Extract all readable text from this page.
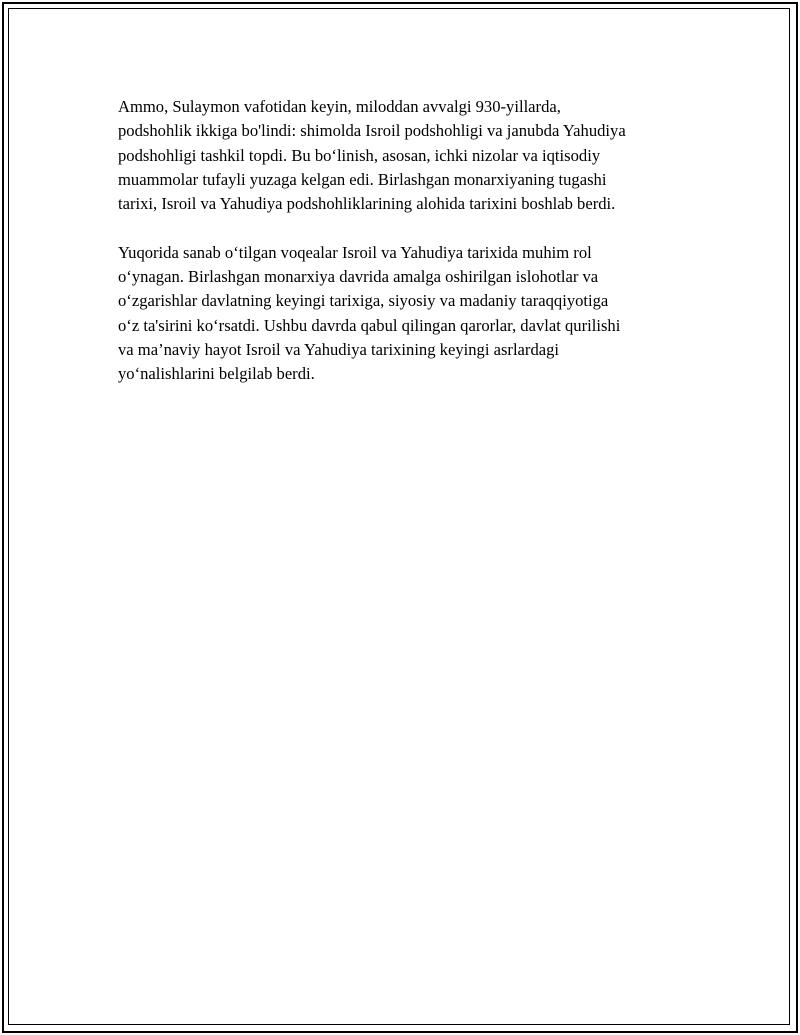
Ammo, Sulaymon vafotidan keyin, miloddan avvalgi 930-yillarda,
podshohlik ikkiga bo'lindi: shimolda Isroil podshohligi va janubda Yahudiya
podshohligi tashkil topdi. Bu bo‘linish, asosan, ichki nizolar va iqtisodiy
muammolar tufayli yuzaga kelgan edi. Birlashgan monarxiyaning tugashi
tarixi, Isroil va Yahudiya podshohliklarining alohida tarixini boshlab berdi.

Yuqorida sanab o‘tilgan voqealar Isroil va Yahudiya tarixida muhim rol
o‘ynagan. Birlashgan monarxiya davrida amalga oshirilgan islohotlar va
o‘zgarishlar davlatning keyingi tarixiga, siyosiy va madaniy taraqqiyotiga
o‘z ta'sirini ko‘rsatdi. Ushbu davrda qabul qilingan qarorlar, davlat qurilishi
va ma’naviy hayot Isroil va Yahudiya tarixining keyingi asrlardagi
yo‘nalishlarini belgilab berdi.
